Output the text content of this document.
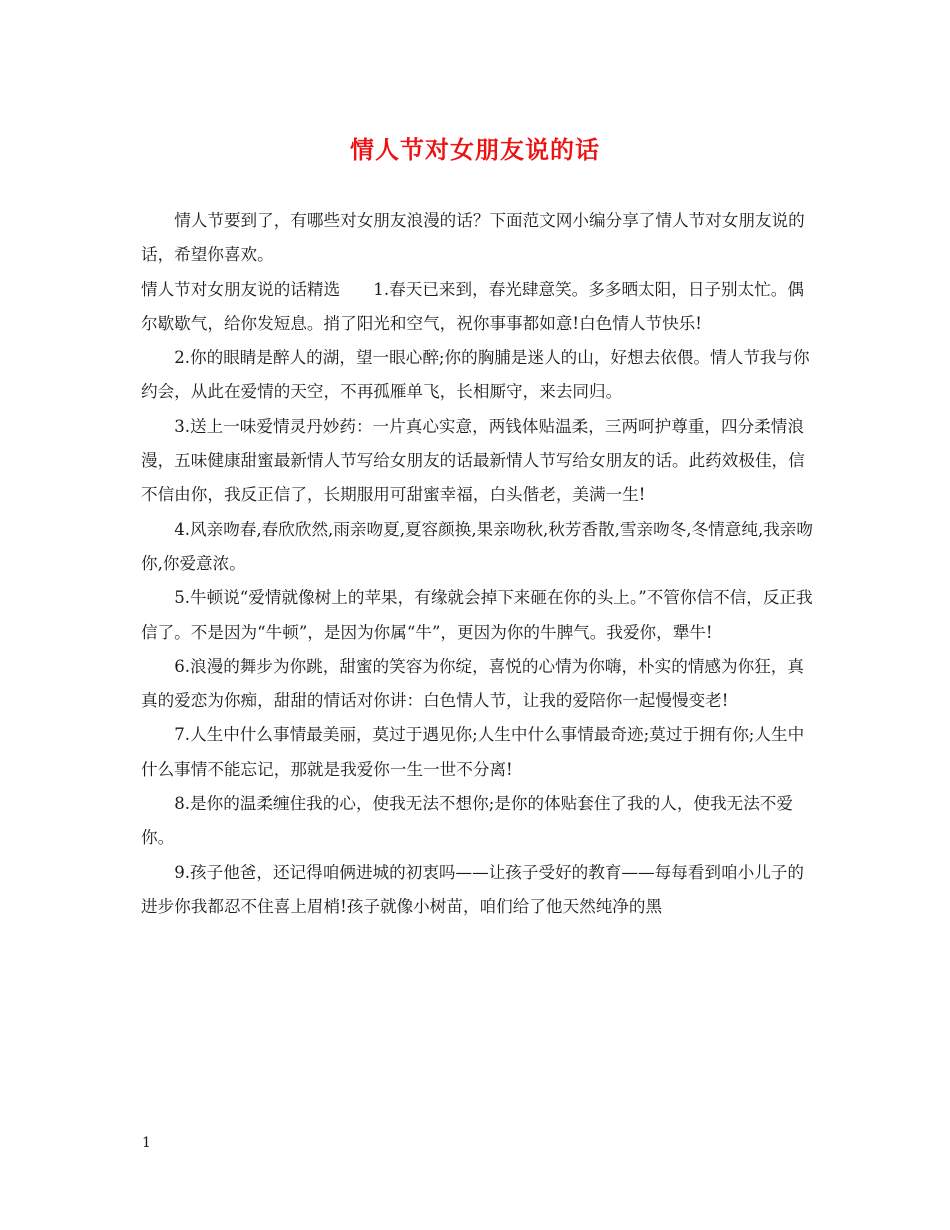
情人节对女朋友说的话

情人节要到了，有哪些对女朋友浪漫的话？下面范文网小编分享了情人节对女朋友说的话，希望你喜欢。

情人节对女朋友说的话精选　　1.春天已来到，春光肆意笑。多多晒太阳，日子别太忙。偶尔歇歇气，给你发短息。捎了阳光和空气，祝你事事都如意!白色情人节快乐!

2.你的眼睛是醉人的湖，望一眼心醉;你的胸脯是迷人的山，好想去依偎。情人节我与你约会，从此在爱情的天空，不再孤雁单飞，长相厮守，来去同归。

3.送上一味爱情灵丹妙药：一片真心实意，两钱体贴温柔，三两呵护尊重，四分柔情浪漫，五味健康甜蜜最新情人节写给女朋友的话最新情人节写给女朋友的话。此药效极佳，信不信由你，我反正信了，长期服用可甜蜜幸福，白头偕老，美满一生!

4.风亲吻春,春欣欣然,雨亲吻夏,夏容颜换,果亲吻秋,秋芳香散,雪亲吻冬,冬情意纯,我亲吻你,你爱意浓。

5.牛顿说“爱情就像树上的苹果，有缘就会掉下来砸在你的头上。”不管你信不信，反正我信了。不是因为“牛顿”，是因为你属“牛”，更因为你的牛脾气。我爱你，犟牛!

6.浪漫的舞步为你跳，甜蜜的笑容为你绽，喜悦的心情为你嗨，朴实的情感为你狂，真真的爱恋为你痴，甜甜的情话对你讲：白色情人节，让我的爱陪你一起慢慢变老!

7.人生中什么事情最美丽，莫过于遇见你;人生中什么事情最奇迹;莫过于拥有你;人生中什么事情不能忘记，那就是我爱你一生一世不分离!

8.是你的温柔缠住我的心，使我无法不想你;是你的体贴套住了我的人，使我无法不爱你。

9.孩子他爸，还记得咱俩进城的初衷吗——让孩子受好的教育——每每看到咱小儿子的进步你我都忍不住喜上眉梢!孩子就像小树苗，咱们给了他天然纯净的黑

1
